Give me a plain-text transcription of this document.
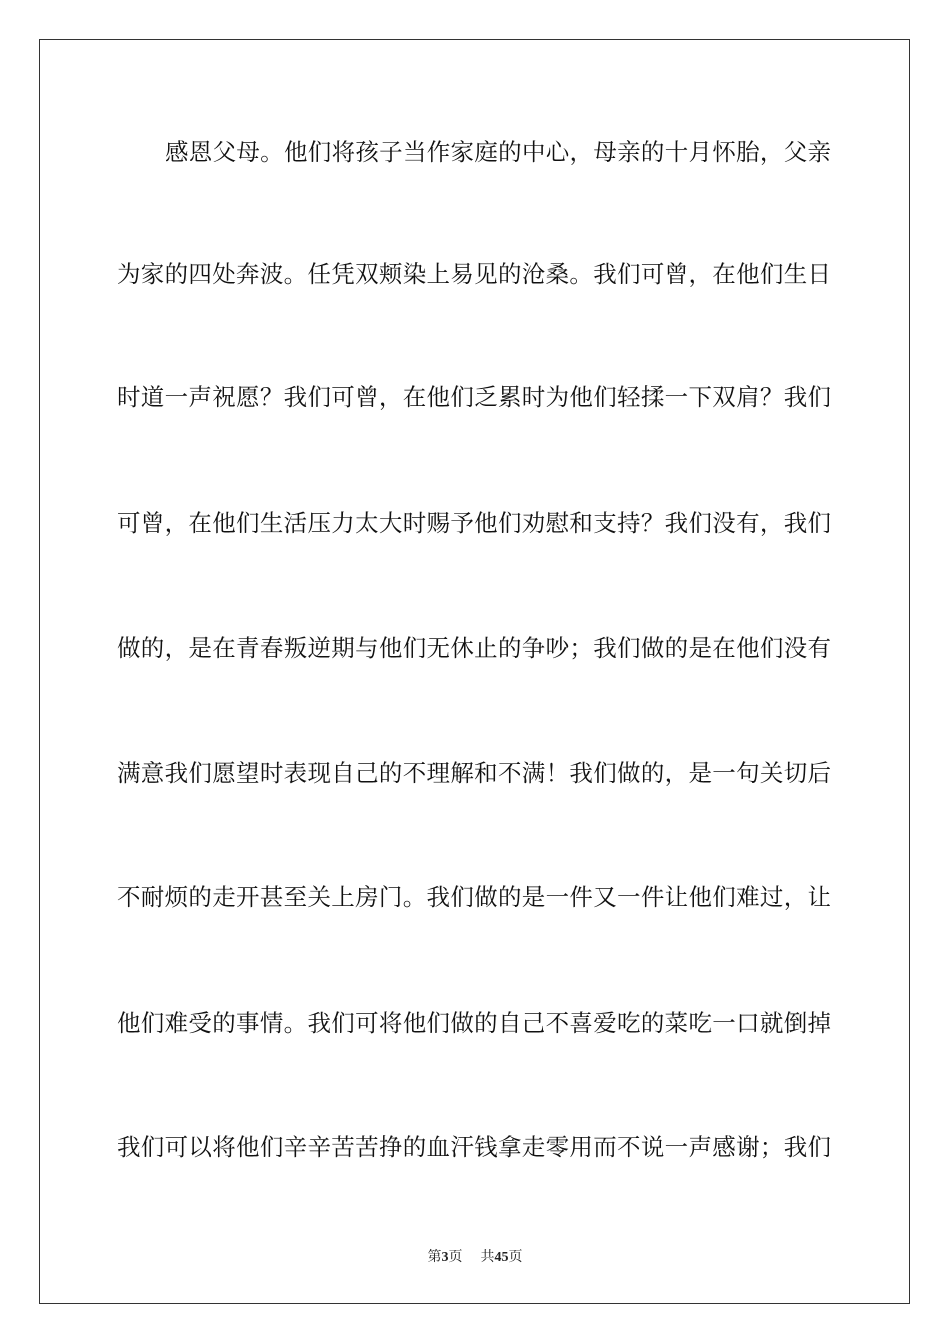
感恩父母。他们将孩子当作家庭的中心，母亲的十月怀胎，父亲
为家的四处奔波。任凭双颊染上易见的沧桑。我们可曾，在他们生日
时道一声祝愿？我们可曾，在他们乏累时为他们轻揉一下双肩？我们
可曾，在他们生活压力太大时赐予他们劝慰和支持？我们没有，我们
做的，是在青春叛逆期与他们无休止的争吵；我们做的是在他们没有
满意我们愿望时表现自己的不理解和不满！我们做的，是一句关切后
不耐烦的走开甚至关上房门。我们做的是一件又一件让他们难过，让
他们难受的事情。我们可将他们做的自己不喜爱吃的菜吃一口就倒掉
我们可以将他们辛辛苦苦挣的血汗钱拿走零用而不说一声感谢；我们
第3页 共45页
